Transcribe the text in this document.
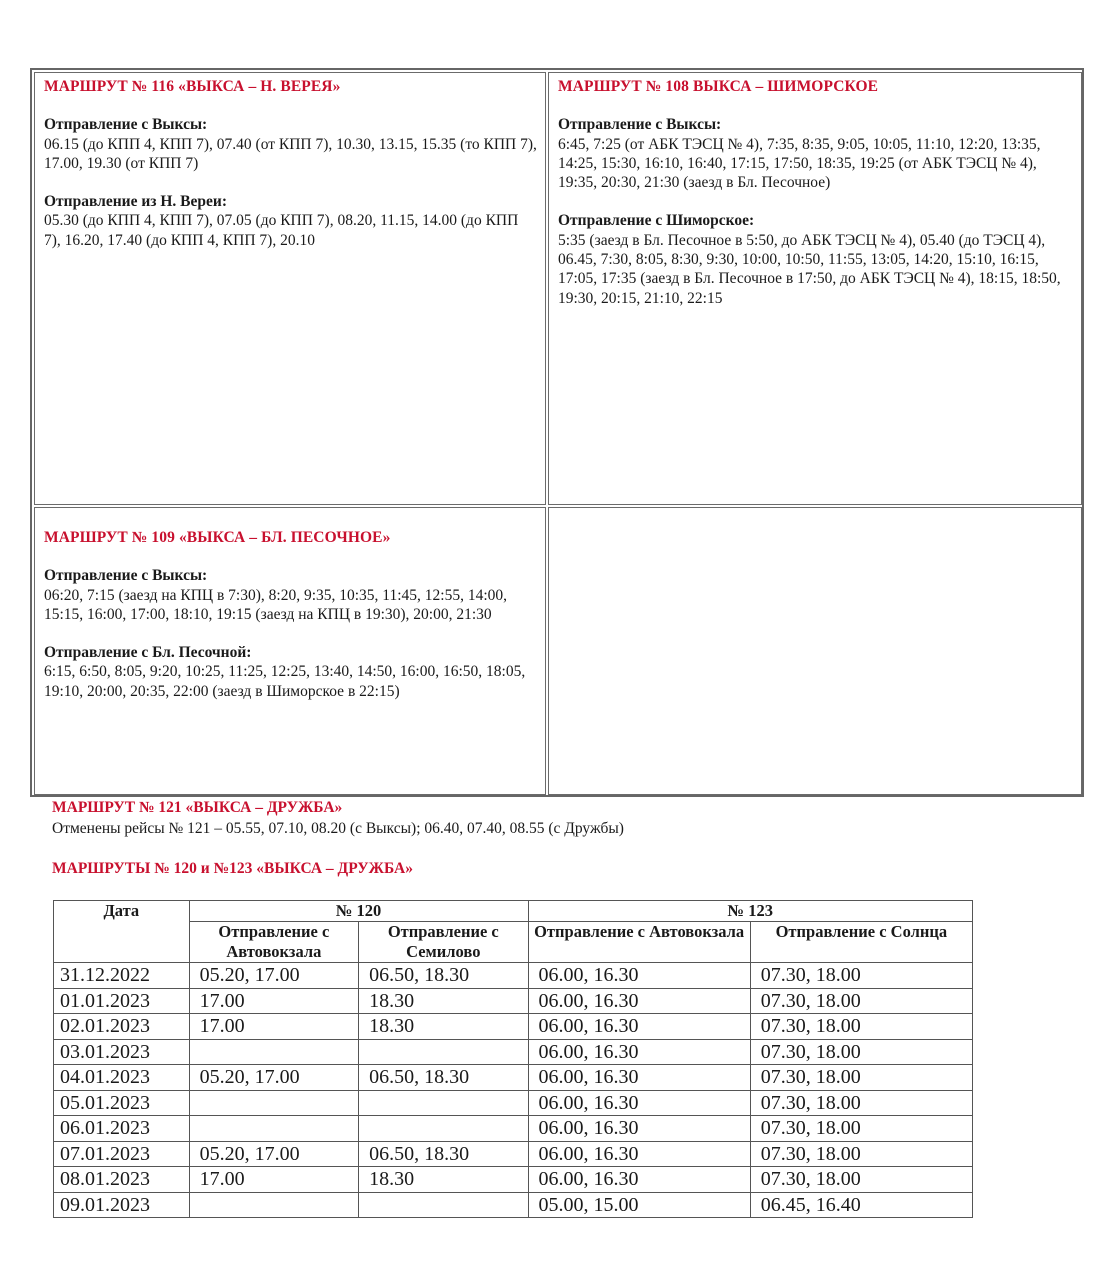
МАРШРУТ № 116 «ВЫКСА – Н. ВЕРЕЯ»
Отправление с Выксы:
06.15 (до КПП 4, КПП 7), 07.40 (от КПП 7), 10.30, 13.15, 15.35 (то КПП 7), 17.00, 19.30 (от КПП 7)
Отправление из Н. Вереи:
05.30 (до КПП 4, КПП 7), 07.05 (до КПП 7), 08.20, 11.15, 14.00 (до КПП 7), 16.20, 17.40 (до КПП 4, КПП 7), 20.10
МАРШРУТ № 108 ВЫКСА – ШИМОРСКОЕ
Отправление с Выксы:
6:45, 7:25 (от АБК ТЭСЦ № 4), 7:35, 8:35, 9:05, 10:05, 11:10, 12:20, 13:35, 14:25, 15:30, 16:10, 16:40, 17:15, 17:50, 18:35, 19:25 (от АБК ТЭСЦ № 4), 19:35, 20:30, 21:30 (заезд в Бл. Песочное)
Отправление с Шиморское:
5:35 (заезд в Бл. Песочное в 5:50, до АБК ТЭСЦ № 4), 05.40 (до ТЭСЦ 4), 06.45, 7:30, 8:05, 8:30, 9:30, 10:00, 10:50, 11:55, 13:05, 14:20, 15:10, 16:15, 17:05, 17:35 (заезд в Бл. Песочное в 17:50, до АБК ТЭСЦ № 4), 18:15, 18:50, 19:30, 20:15, 21:10, 22:15
МАРШРУТ № 109 «ВЫКСА – БЛ. ПЕСОЧНОЕ»
Отправление с Выксы:
06:20, 7:15 (заезд на КПЦ в 7:30), 8:20, 9:35, 10:35, 11:45, 12:55, 14:00, 15:15, 16:00, 17:00, 18:10, 19:15 (заезд на КПЦ в 19:30), 20:00, 21:30
Отправление с Бл. Песочной:
6:15, 6:50, 8:05, 9:20, 10:25, 11:25, 12:25, 13:40, 14:50, 16:00, 16:50, 18:05, 19:10, 20:00, 20:35, 22:00 (заезд в Шиморское в 22:15)
МАРШРУТ № 121 «ВЫКСА – ДРУЖБА»
Отменены рейсы № 121 – 05.55, 07.10, 08.20 (с Выксы); 06.40, 07.40, 08.55 (с Дружбы)
МАРШРУТЫ № 120 и №123 «ВЫКСА – ДРУЖБА»
Дата	№ 120		№ 123	
	Отправление с Автовокзала	Отправление с Семилово	Отправление с Автовокзала	Отправление с Солнца
31.12.2022	05.20, 17.00	06.50, 18.30	06.00, 16.30	07.30, 18.00
01.01.2023	17.00	18.30	06.00, 16.30	07.30, 18.00
02.01.2023	17.00	18.30	06.00, 16.30	07.30, 18.00
03.01.2023			06.00, 16.30	07.30, 18.00
04.01.2023	05.20, 17.00	06.50, 18.30	06.00, 16.30	07.30, 18.00
05.01.2023			06.00, 16.30	07.30, 18.00
06.01.2023			06.00, 16.30	07.30, 18.00
07.01.2023	05.20, 17.00	06.50, 18.30	06.00, 16.30	07.30, 18.00
08.01.2023	17.00	18.30	06.00, 16.30	07.30, 18.00
09.01.2023			05.00, 15.00	06.45, 16.40
